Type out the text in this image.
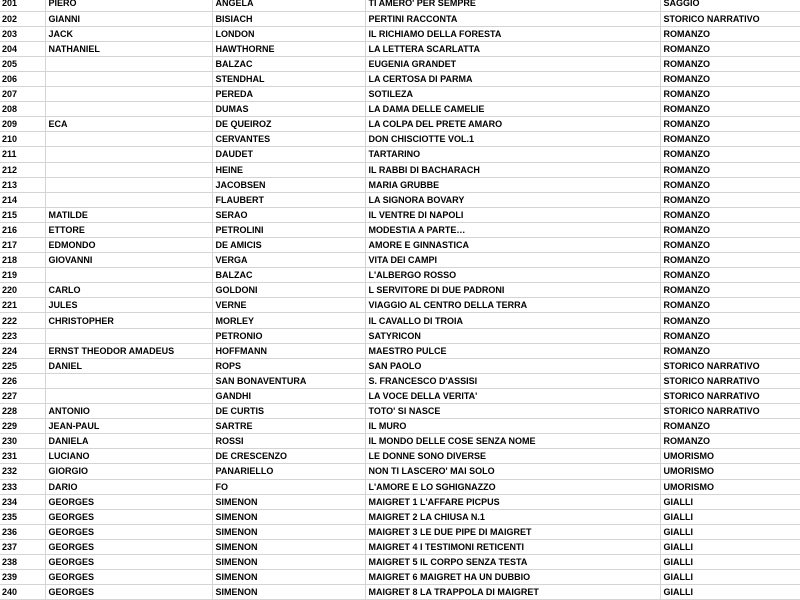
201	PIERO	ANGELA	TI AMERO' PER SEMPRE	SAGGIO
202	GIANNI	BISIACH	PERTINI RACCONTA	STORICO NARRATIVO
203	JACK	LONDON	IL RICHIAMO DELLA FORESTA	ROMANZO
204	NATHANIEL	HAWTHORNE	LA LETTERA SCARLATTA	ROMANZO
205		BALZAC	EUGENIA GRANDET	ROMANZO
206		STENDHAL	LA CERTOSA DI PARMA	ROMANZO
207		PEREDA	SOTILEZA	ROMANZO
208		DUMAS	LA DAMA DELLE CAMELIE	ROMANZO
209	ECA	DE QUEIROZ	LA COLPA DEL PRETE AMARO	ROMANZO
210		CERVANTES	DON CHISCIOTTE VOL.1	ROMANZO
211		DAUDET	TARTARINO	ROMANZO
212		HEINE	IL RABBI DI BACHARACH	ROMANZO
213		JACOBSEN	MARIA GRUBBE	ROMANZO
214		FLAUBERT	LA SIGNORA BOVARY	ROMANZO
215	MATILDE	SERAO	IL VENTRE DI NAPOLI	ROMANZO
216	ETTORE	PETROLINI	MODESTIA A PARTE…	ROMANZO
217	EDMONDO	DE AMICIS	AMORE E GINNASTICA	ROMANZO
218	GIOVANNI	VERGA	VITA DEI CAMPI	ROMANZO
219		BALZAC	L'ALBERGO ROSSO	ROMANZO
220	CARLO	GOLDONI	L SERVITORE DI DUE PADRONI	ROMANZO
221	JULES	VERNE	VIAGGIO AL CENTRO DELLA TERRA	ROMANZO
222	CHRISTOPHER	MORLEY	IL CAVALLO DI TROIA	ROMANZO
223		PETRONIO	SATYRICON	ROMANZO
224	ERNST THEODOR AMADEUS	HOFFMANN	MAESTRO PULCE	ROMANZO
225	DANIEL	ROPS	SAN PAOLO	STORICO NARRATIVO
226		SAN BONAVENTURA	S. FRANCESCO D'ASSISI	STORICO NARRATIVO
227		GANDHI	LA VOCE DELLA VERITA'	STORICO NARRATIVO
228	ANTONIO	DE CURTIS	TOTO' SI NASCE	STORICO NARRATIVO
229	JEAN-PAUL	SARTRE	IL MURO	ROMANZO
230	DANIELA	ROSSI	IL MONDO DELLE COSE SENZA NOME	ROMANZO
231	LUCIANO	DE CRESCENZO	LE DONNE SONO DIVERSE	UMORISMO
232	GIORGIO	PANARIELLO	NON TI LASCERO' MAI SOLO	UMORISMO
233	DARIO	FO	L'AMORE E LO SGHIGNAZZO	UMORISMO
234	GEORGES	SIMENON	MAIGRET 1 L'AFFARE PICPUS	GIALLI
235	GEORGES	SIMENON	MAIGRET 2 LA CHIUSA N.1	GIALLI
236	GEORGES	SIMENON	MAIGRET 3 LE DUE PIPE DI MAIGRET	GIALLI
237	GEORGES	SIMENON	MAIGRET 4 I TESTIMONI RETICENTI	GIALLI
238	GEORGES	SIMENON	MAIGRET 5 IL CORPO SENZA TESTA	GIALLI
239	GEORGES	SIMENON	MAIGRET 6 MAIGRET HA UN DUBBIO	GIALLI
240	GEORGES	SIMENON	MAIGRET 8 LA TRAPPOLA DI MAIGRET	GIALLI
